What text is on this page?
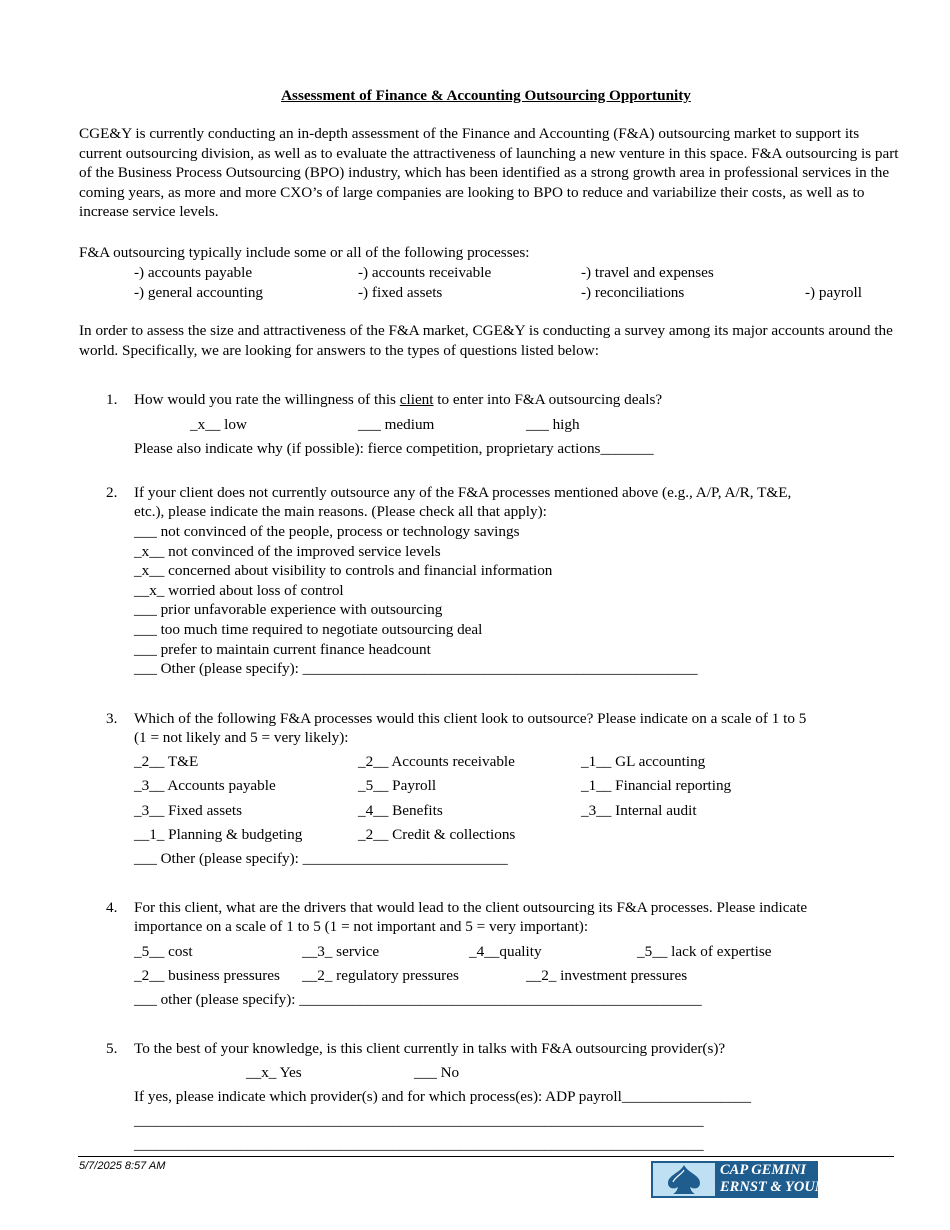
Assessment of Finance & Accounting Outsourcing Opportunity
CGE&Y is currently conducting an in-depth assessment of the Finance and Accounting (F&A) outsourcing market to support its current outsourcing division, as well as to evaluate the attractiveness of launching a new venture in this space. F&A outsourcing is part of the Business Process Outsourcing (BPO) industry, which has been identified as a strong growth area in professional services in the coming years, as more and more CXO’s of large companies are looking to BPO to reduce and variabilize their costs, as well as to increase service levels.
F&A outsourcing typically include some or all of the following processes:
-) accounts payable	-) accounts receivable	-) travel and expenses
-) general accounting	-) fixed assets	-) reconciliations	-) payroll
In order to assess the size and attractiveness of the F&A market, CGE&Y is conducting a survey among its major accounts around the world. Specifically, we are looking for answers to the types of questions listed below:
1. How would you rate the willingness of this client to enter into F&A outsourcing deals?
_x__ low	___ medium	___ high
Please also indicate why (if possible): fierce competition, proprietary actions_______
2. If your client does not currently outsource any of the F&A processes mentioned above (e.g., A/P, A/R, T&E,
etc.), please indicate the main reasons. (Please check all that apply):
___ not convinced of the people, process or technology savings
_x__ not convinced of the improved service levels
_x__ concerned about visibility to controls and financial information
__x_ worried about loss of control
___ prior unfavorable experience with outsourcing
___ too much time required to negotiate outsourcing deal
___ prefer to maintain current finance headcount
___ Other (please specify): ____________________________________________________
3. Which of the following F&A processes would this client look to outsource? Please indicate on a scale of 1 to 5
(1 = not likely and 5 = very likely):
_2__ T&E	_2__ Accounts receivable	_1__ GL accounting
_3__ Accounts payable	_5__ Payroll	_1__ Financial reporting
_3__ Fixed assets	_4__ Benefits	_3__ Internal audit
__1_ Planning & budgeting	_2__ Credit & collections
___ Other (please specify): ___________________________
4. For this client, what are the drivers that would lead to the client outsourcing its F&A processes. Please indicate
importance on a scale of 1 to 5 (1 = not important and 5 = very important):
_5__ cost	__3_ service	_4__quality	_5__ lack of expertise
_2__ business pressures __2_ regulatory pressures	__2_ investment pressures
___ other (please specify): _____________________________________________________
5. To the best of your knowledge, is this client currently in talks with F&A outsourcing provider(s)?
__x_ Yes	___ No
If yes, please indicate which provider(s) and for which process(es): ADP payroll_________________
___________________________________________________________________________
___________________________________________________________________________
5/7/2025 8:57 AM	CAP GEMINI
ERNST & YOUNG
